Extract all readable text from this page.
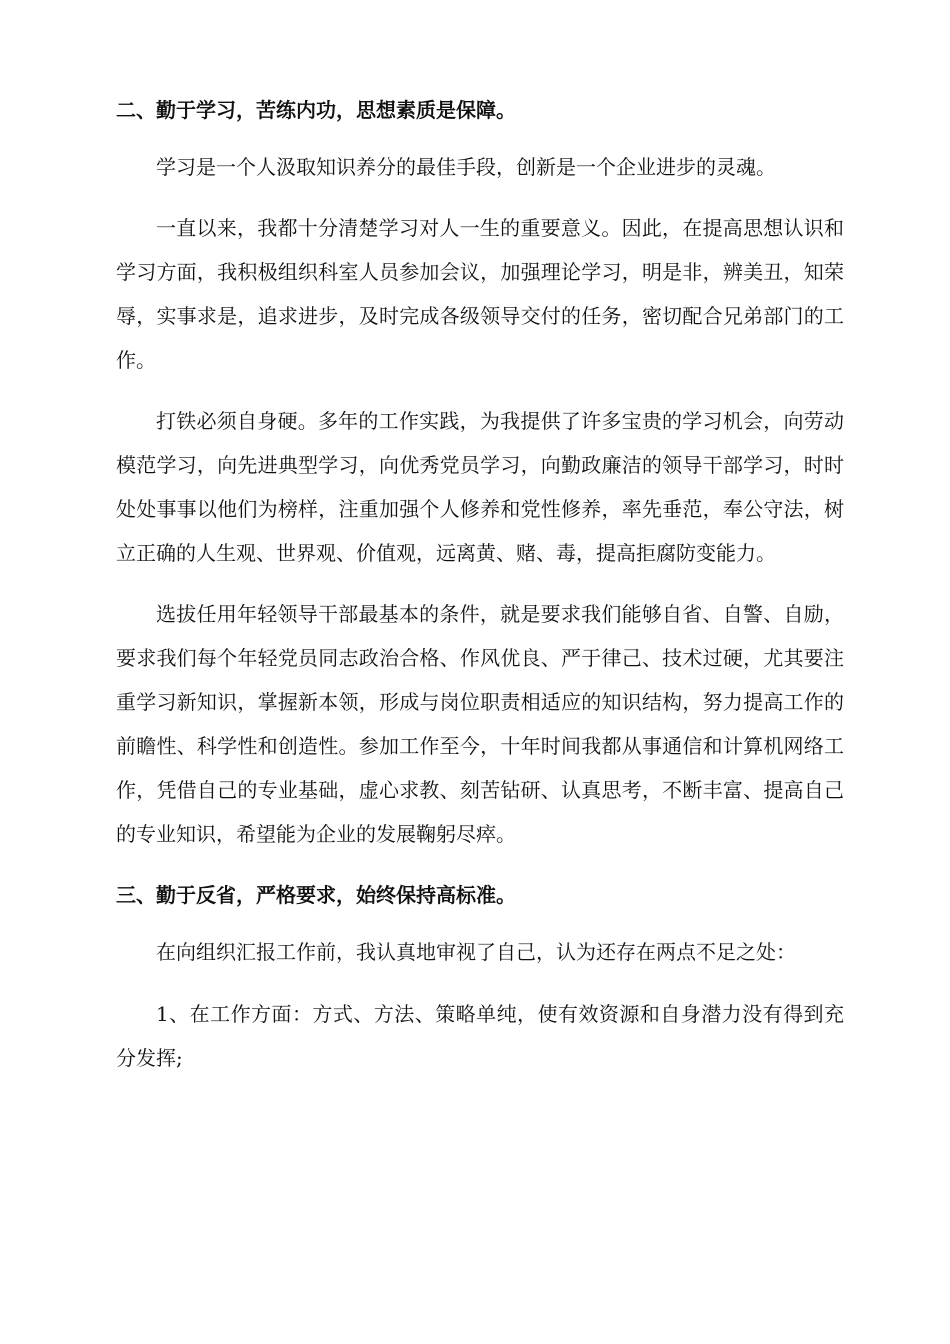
二、勤于学习，苦练内功，思想素质是保障。

学习是一个人汲取知识养分的最佳手段，创新是一个企业进步的灵魂。

一直以来，我都十分清楚学习对人一生的重要意义。因此，在提高思想认识和学习方面，我积极组织科室人员参加会议，加强理论学习，明是非，辨美丑，知荣辱，实事求是，追求进步，及时完成各级领导交付的任务，密切配合兄弟部门的工作。

打铁必须自身硬。多年的工作实践，为我提供了许多宝贵的学习机会，向劳动模范学习，向先进典型学习，向优秀党员学习，向勤政廉洁的领导干部学习，时时处处事事以他们为榜样，注重加强个人修养和党性修养，率先垂范，奉公守法，树立正确的人生观、世界观、价值观，远离黄、赌、毒，提高拒腐防变能力。

选拔任用年轻领导干部最基本的条件，就是要求我们能够自省、自警、自励，要求我们每个年轻党员同志政治合格、作风优良、严于律己、技术过硬，尤其要注重学习新知识，掌握新本领，形成与岗位职责相适应的知识结构，努力提高工作的前瞻性、科学性和创造性。参加工作至今，十年时间我都从事通信和计算机网络工作，凭借自己的专业基础，虚心求教、刻苦钻研、认真思考，不断丰富、提高自己的专业知识，希望能为企业的发展鞠躬尽瘁。

三、勤于反省，严格要求，始终保持高标准。

在向组织汇报工作前，我认真地审视了自己，认为还存在两点不足之处：

1、在工作方面：方式、方法、策略单纯，使有效资源和自身潜力没有得到充分发挥;
